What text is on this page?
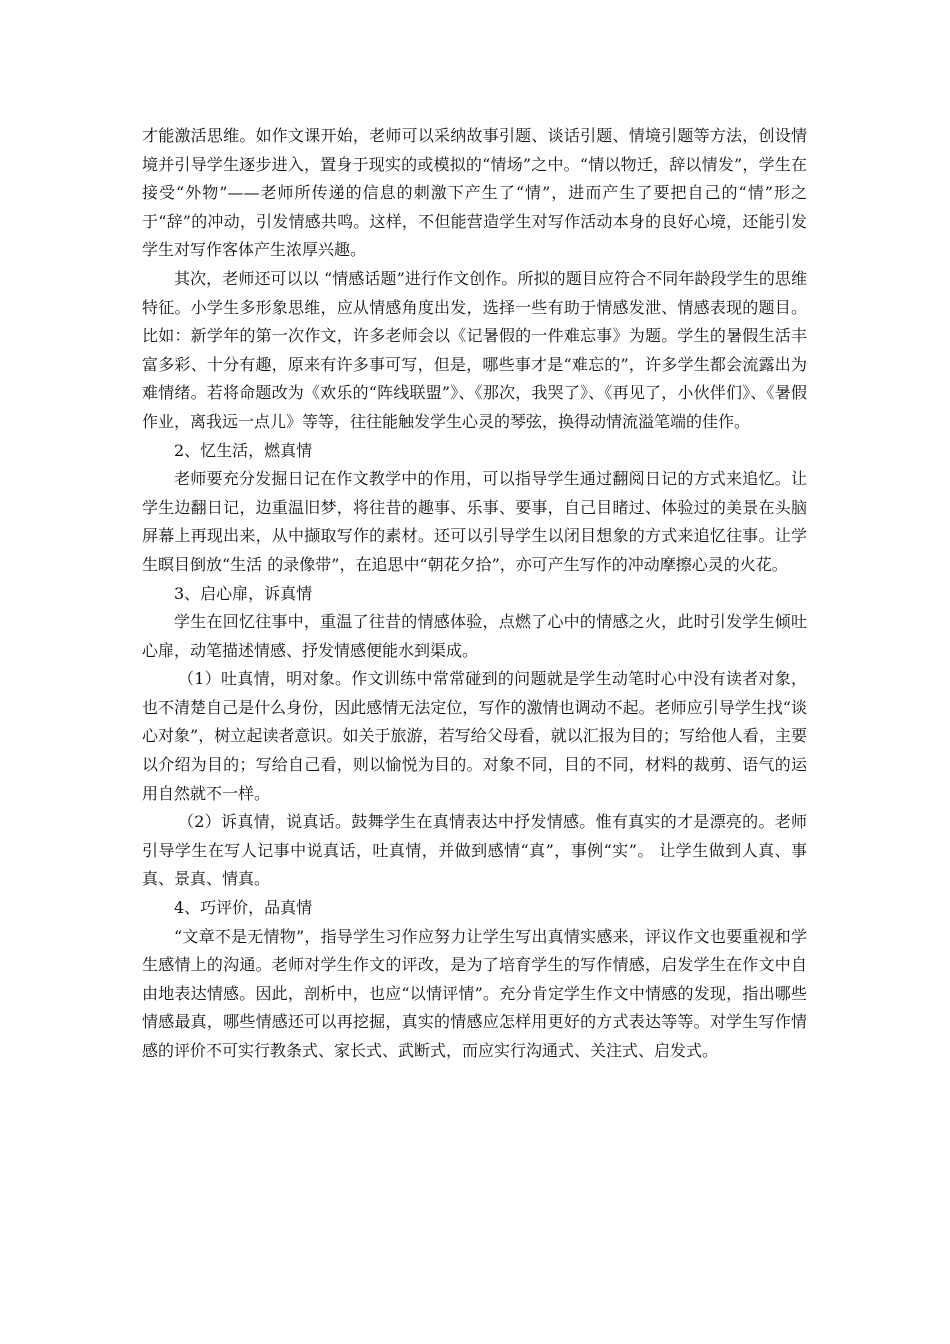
才能激活思维。如作文课开始，老师可以采纳故事引题、谈话引题、情境引题等方法，创设情境并引导学生逐步进入，置身于现实的或模拟的“情场”之中。“情以物迁，辞以情发”，学生在接受“外物”——老师所传递的信息的刺激下产生了“情”，进而产生了要把自己的“情”形之于“辞”的冲动，引发情感共鸣。这样，不但能营造学生对写作活动本身的良好心境，还能引发学生对写作客体产生浓厚兴趣。

其次，老师还可以以 “情感话题”进行作文创作。所拟的题目应符合不同年龄段学生的思维特征。小学生多形象思维，应从情感角度出发，选择一些有助于情感发泄、情感表现的题目。比如：新学年的第一次作文，许多老师会以《记暑假的一件难忘事》为题。学生的暑假生活丰富多彩、十分有趣，原来有许多事可写，但是，哪些事才是“难忘的”，许多学生都会流露出为难情绪。若将命题改为《欢乐的“阵线联盟”》、《那次，我哭了》、《再见了，小伙伴们》、《暑假作业，离我远一点儿》等等，往往能触发学生心灵的琴弦，换得动情流溢笔端的佳作。

2、忆生活，燃真情

老师要充分发掘日记在作文教学中的作用，可以指导学生通过翻阅日记的方式来追忆。让学生边翻日记，边重温旧梦，将往昔的趣事、乐事、要事，自己目睹过、体验过的美景在头脑屏幕上再现出来，从中撷取写作的素材。还可以引导学生以闭目想象的方式来追忆往事。让学生瞑目倒放“生活 的录像带”，在追思中“朝花夕拾”，亦可产生写作的冲动摩擦心灵的火花。

3、启心扉，诉真情

学生在回忆往事中，重温了往昔的情感体验，点燃了心中的情感之火，此时引发学生倾吐心扉，动笔描述情感、抒发情感便能水到渠成。

（1）吐真情，明对象。作文训练中常常碰到的问题就是学生动笔时心中没有读者对象，也不清楚自己是什么身份，因此感情无法定位，写作的激情也调动不起。老师应引导学生找“谈心对象”，树立起读者意识。如关于旅游，若写给父母看，就以汇报为目的；写给他人看，主要以介绍为目的；写给自己看，则以愉悦为目的。对象不同，目的不同，材料的裁剪、语气的运用自然就不一样。

（2）诉真情，说真话。鼓舞学生在真情表达中抒发情感。惟有真实的才是漂亮的。老师引导学生在写人记事中说真话，吐真情，并做到感情“真”，事例“实”。 让学生做到人真、事真、景真、情真。

4、巧评价，品真情

“文章不是无情物”，指导学生习作应努力让学生写出真情实感来，评议作文也要重视和学生感情上的沟通。老师对学生作文的评改，是为了培育学生的写作情感，启发学生在作文中自由地表达情感。因此，剖析中，也应“以情评情”。充分肯定学生作文中情感的发现，指出哪些情感最真，哪些情感还可以再挖掘，真实的情感应怎样用更好的方式表达等等。对学生写作情感的评价不可实行教条式、家长式、武断式，而应实行沟通式、关注式、启发式。
